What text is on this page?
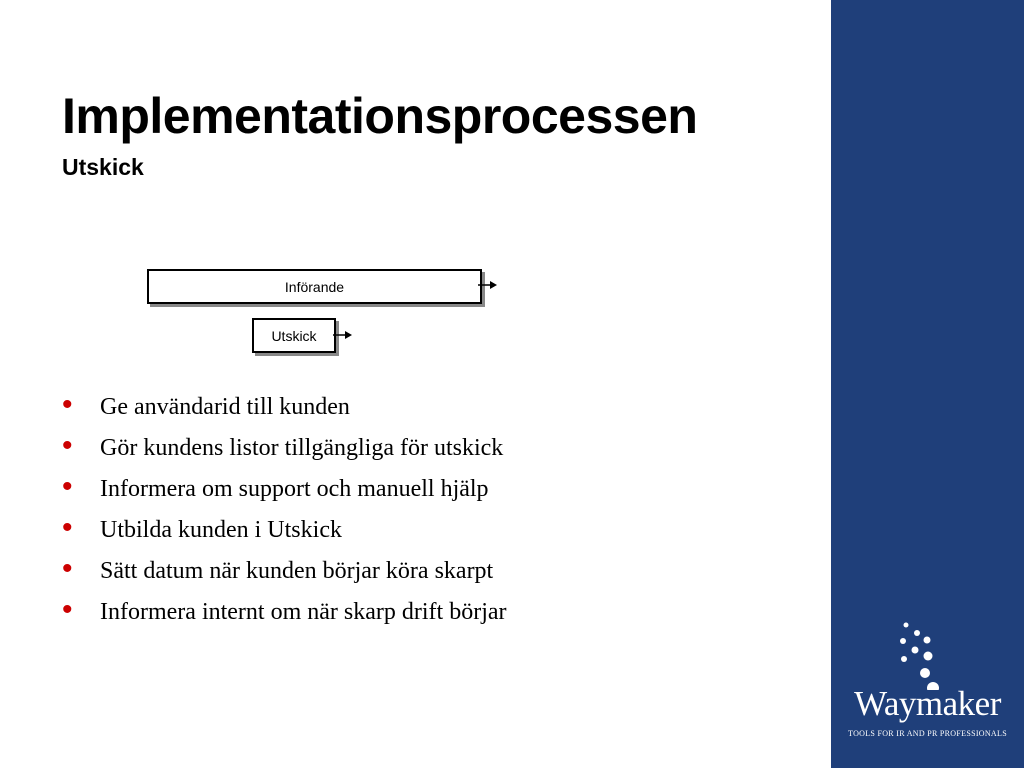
Implementationsprocessen
Utskick
Införande
Utskick
• Ge användarid till kunden
• Gör kundens listor tillgängliga för utskick
• Informera om support och manuell hjälp
• Utbilda kunden i Utskick
• Sätt datum när kunden börjar köra skarpt
• Informera internt om när skarp drift börjar
Waymaker
TOOLS FOR IR AND PR PROFESSIONALS
